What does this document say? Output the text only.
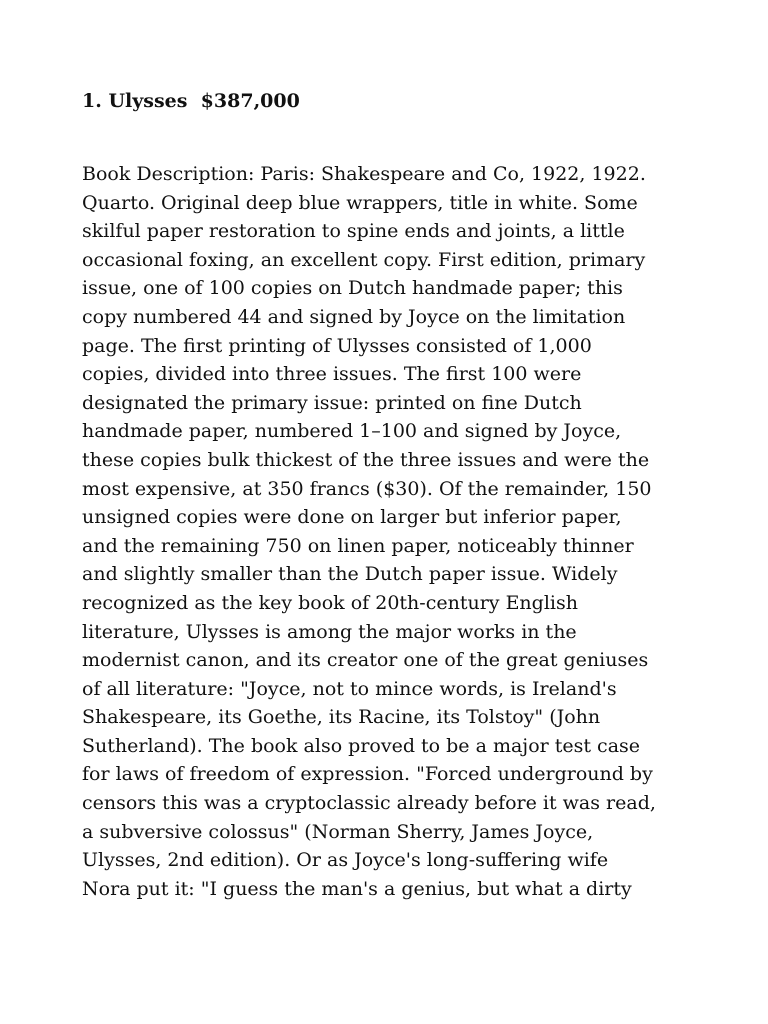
1. Ulysses  $387,000
Book Description: Paris: Shakespeare and Co, 1922, 1922.
Quarto. Original deep blue wrappers, title in white. Some
skilful paper restoration to spine ends and joints, a little
occasional foxing, an excellent copy. First edition, primary
issue, one of 100 copies on Dutch handmade paper; this
copy numbered 44 and signed by Joyce on the limitation
page. The first printing of Ulysses consisted of 1,000
copies, divided into three issues. The first 100 were
designated the primary issue: printed on fine Dutch
handmade paper, numbered 1–100 and signed by Joyce,
these copies bulk thickest of the three issues and were the
most expensive, at 350 francs ($30). Of the remainder, 150
unsigned copies were done on larger but inferior paper,
and the remaining 750 on linen paper, noticeably thinner
and slightly smaller than the Dutch paper issue. Widely
recognized as the key book of 20th-century English
literature, Ulysses is among the major works in the
modernist canon, and its creator one of the great geniuses
of all literature: "Joyce, not to mince words, is Ireland's
Shakespeare, its Goethe, its Racine, its Tolstoy" (John
Sutherland). The book also proved to be a major test case
for laws of freedom of expression. "Forced underground by
censors this was a cryptoclassic already before it was read,
a subversive colossus" (Norman Sherry, James Joyce,
Ulysses, 2nd edition). Or as Joyce's long-suffering wife
Nora put it: "I guess the man's a genius, but what a dirty
